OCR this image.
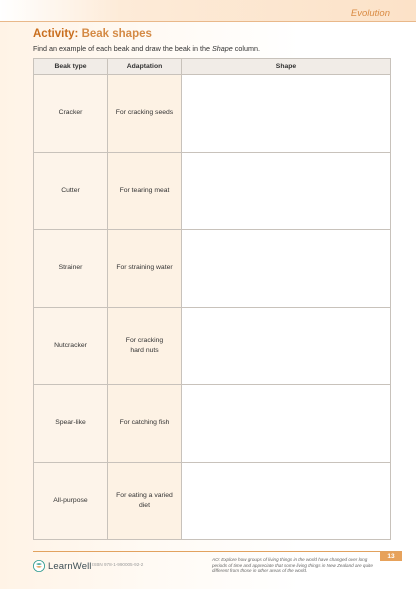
Evolution
Activity: Beak shapes
Find an example of each beak and draw the beak in the Shape column.
Beak type	Adaptation	Shape
Cracker	For cracking seeds	
Cutter	For tearing meat	
Strainer	For straining water	
Nutcracker	For cracking
hard nuts	
Spear-like	For catching fish	
All-purpose	For eating a varied
diet	
13
LearnWell ISBN 978-1-990005-92-2
AO: Explore how groups of living things in the world have changed over long periods of time and appreciate that some living things in New Zealand are quite different from those in other areas of the world.
